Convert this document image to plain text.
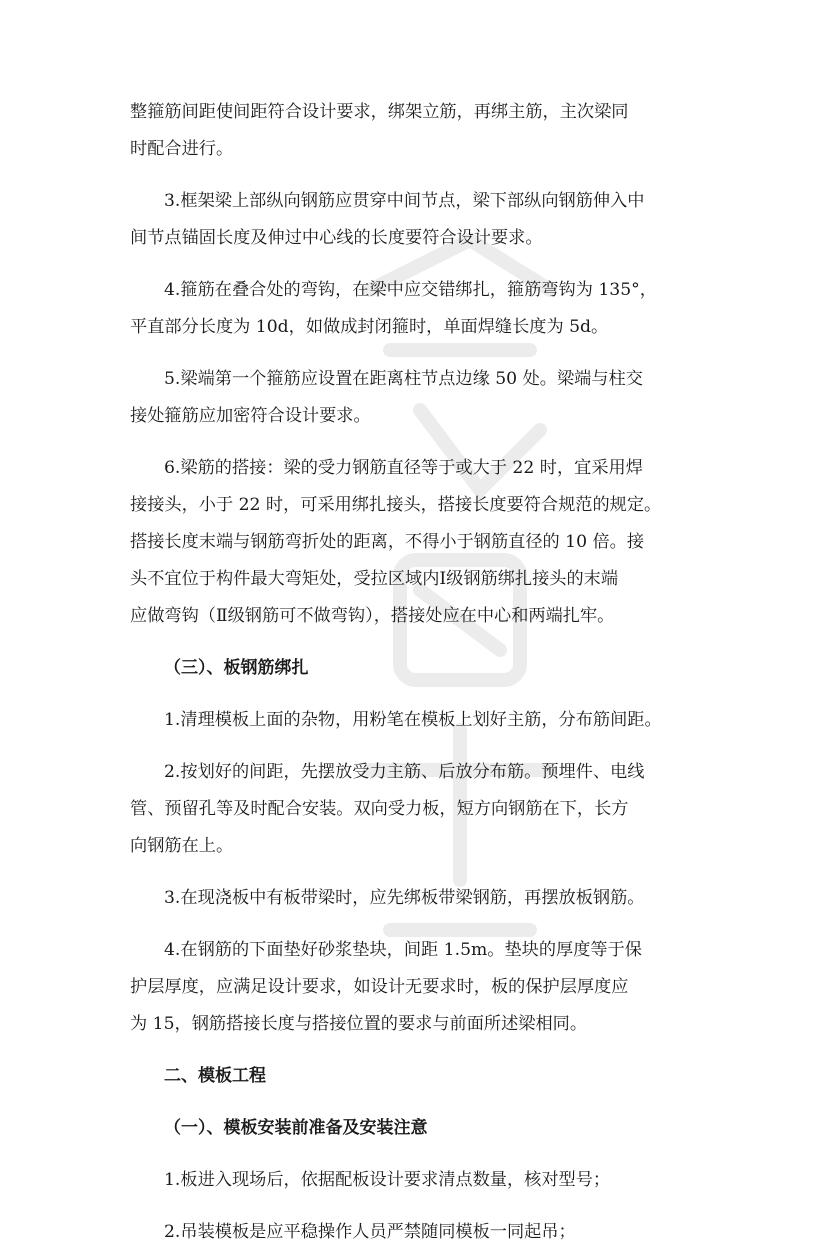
整箍筋间距使间距符合设计要求，绑架立筋，再绑主筋，主次梁同
时配合进行。

3.框架梁上部纵向钢筋应贯穿中间节点，梁下部纵向钢筋伸入中
间节点锚固长度及伸过中心线的长度要符合设计要求。

4.箍筋在叠合处的弯钩，在梁中应交错绑扎，箍筋弯钩为 135°，
平直部分长度为 10d，如做成封闭箍时，单面焊缝长度为 5d。

5.梁端第一个箍筋应设置在距离柱节点边缘 50 处。梁端与柱交
接处箍筋应加密符合设计要求。

6.梁筋的搭接：梁的受力钢筋直径等于或大于 22 时，宜采用焊
接接头，小于 22 时，可采用绑扎接头，搭接长度要符合规范的规定。
搭接长度末端与钢筋弯折处的距离，不得小于钢筋直径的 10 倍。接
头不宜位于构件最大弯矩处，受拉区域内Ⅰ级钢筋绑扎接头的末端
应做弯钩（Ⅱ级钢筋可不做弯钩），搭接处应在中心和两端扎牢。

（三）、板钢筋绑扎

1.清理模板上面的杂物，用粉笔在模板上划好主筋，分布筋间距。

2.按划好的间距，先摆放受力主筋、后放分布筋。预埋件、电线
管、预留孔等及时配合安装。双向受力板，短方向钢筋在下，长方
向钢筋在上。

3.在现浇板中有板带梁时，应先绑板带梁钢筋，再摆放板钢筋。

4.在钢筋的下面垫好砂浆垫块，间距 1.5m。垫块的厚度等于保
护层厚度，应满足设计要求，如设计无要求时，板的保护层厚度应
为 15，钢筋搭接长度与搭接位置的要求与前面所述梁相同。

二、模板工程

（一）、模板安装前准备及安装注意

1.板进入现场后，依据配板设计要求清点数量，核对型号；

2.吊装模板是应平稳操作人员严禁随同模板一同起吊；
